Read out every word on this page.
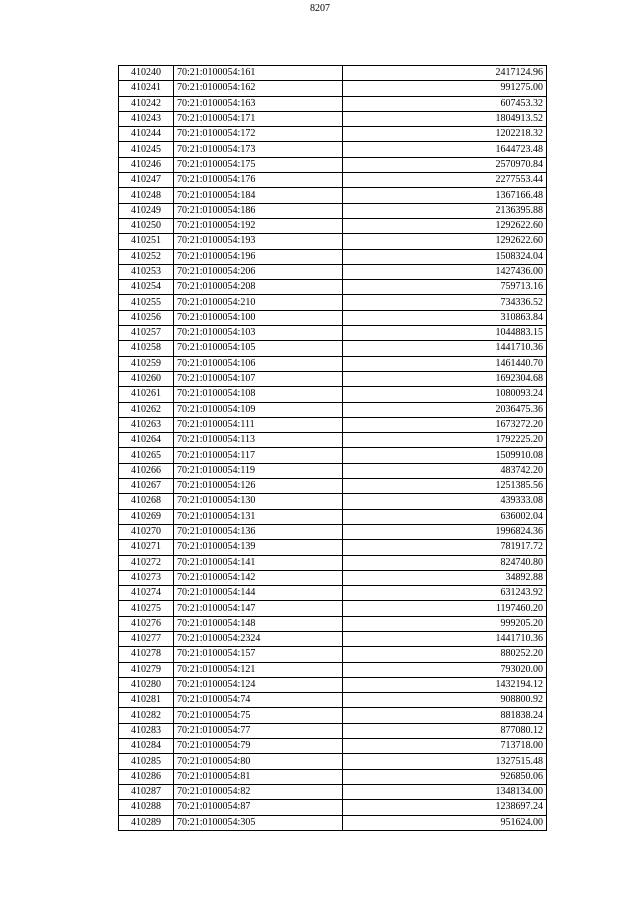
8207
410240	70:21:0100054:161	2417124.96
410241	70:21:0100054:162	991275.00
410242	70:21:0100054:163	607453.32
410243	70:21:0100054:171	1804913.52
410244	70:21:0100054:172	1202218.32
410245	70:21:0100054:173	1644723.48
410246	70:21:0100054:175	2570970.84
410247	70:21:0100054:176	2277553.44
410248	70:21:0100054:184	1367166.48
410249	70:21:0100054:186	2136395.88
410250	70:21:0100054:192	1292622.60
410251	70:21:0100054:193	1292622.60
410252	70:21:0100054:196	1508324.04
410253	70:21:0100054:206	1427436.00
410254	70:21:0100054:208	759713.16
410255	70:21:0100054:210	734336.52
410256	70:21:0100054:100	310863.84
410257	70:21:0100054:103	1044883.15
410258	70:21:0100054:105	1441710.36
410259	70:21:0100054:106	1461440.70
410260	70:21:0100054:107	1692304.68
410261	70:21:0100054:108	1080093.24
410262	70:21:0100054:109	2036475.36
410263	70:21:0100054:111	1673272.20
410264	70:21:0100054:113	1792225.20
410265	70:21:0100054:117	1509910.08
410266	70:21:0100054:119	483742.20
410267	70:21:0100054:126	1251385.56
410268	70:21:0100054:130	439333.08
410269	70:21:0100054:131	636002.04
410270	70:21:0100054:136	1996824.36
410271	70:21:0100054:139	781917.72
410272	70:21:0100054:141	824740.80
410273	70:21:0100054:142	34892.88
410274	70:21:0100054:144	631243.92
410275	70:21:0100054:147	1197460.20
410276	70:21:0100054:148	999205.20
410277	70:21:0100054:2324	1441710.36
410278	70:21:0100054:157	880252.20
410279	70:21:0100054:121	793020.00
410280	70:21:0100054:124	1432194.12
410281	70:21:0100054:74	908800.92
410282	70:21:0100054:75	881838.24
410283	70:21:0100054:77	877080.12
410284	70:21:0100054:79	713718.00
410285	70:21:0100054:80	1327515.48
410286	70:21:0100054:81	926850.06
410287	70:21:0100054:82	1348134.00
410288	70:21:0100054:87	1238697.24
410289	70:21:0100054:305	951624.00
